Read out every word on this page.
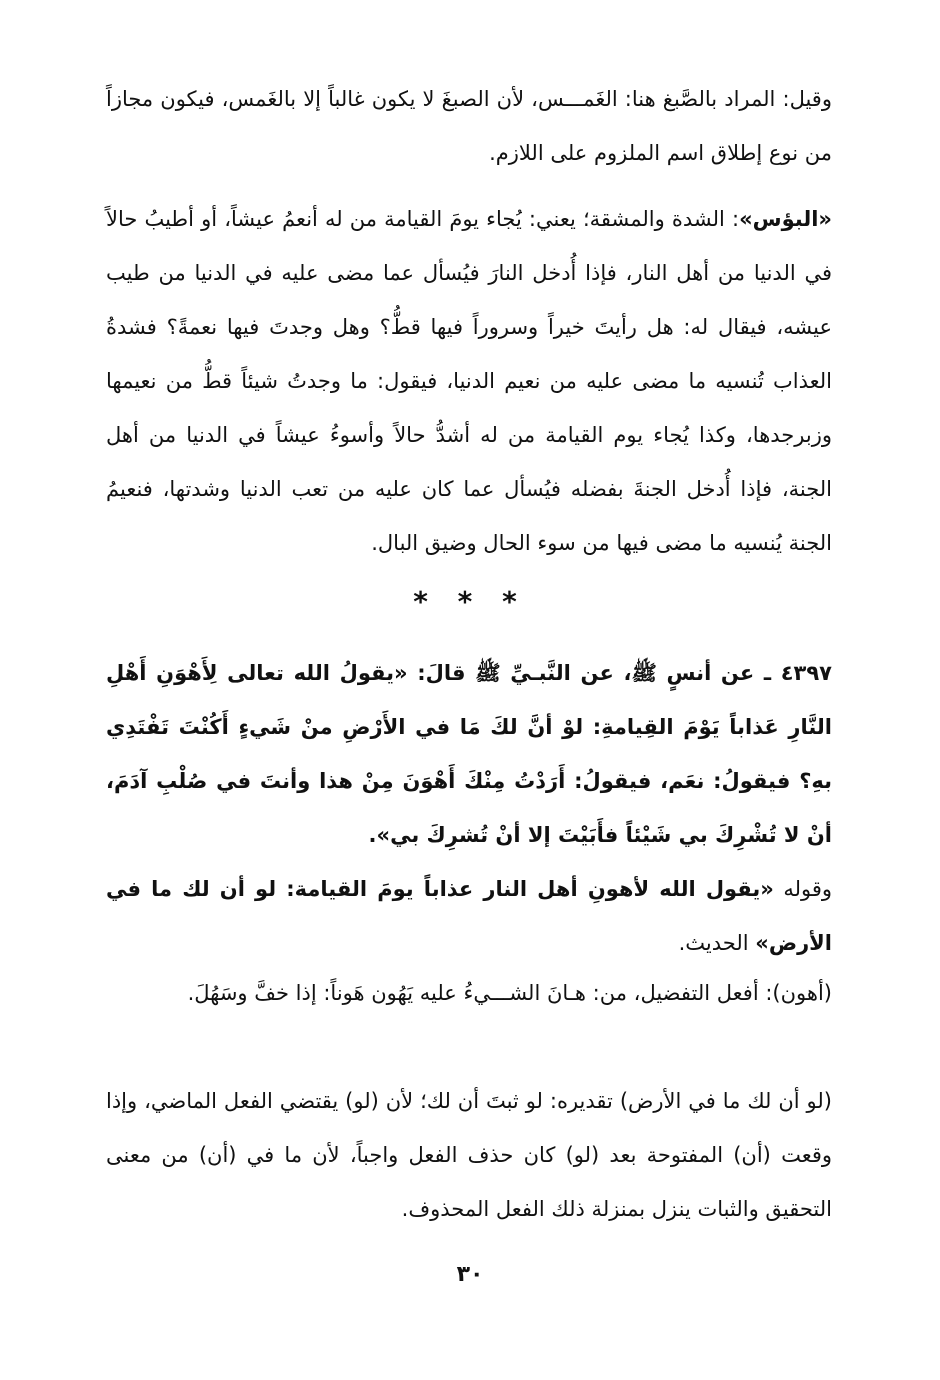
وقيل: المراد بالصَّبغ هنا: الغَمـــس، لأن الصبغَ لا يكون غالباً إلا بالغَمس، فيكون مجازاً من نوع إطلاق اسم الملزوم على اللازم.

«البؤس»: الشدة والمشقة؛ يعني: يُجاء يومَ القيامة من له أنعمُ عيشاً، أو أطيبُ حالاً في الدنيا من أهل النار، فإذا أُدخل النارَ فيُسأل عما مضى عليه في الدنيا من طيب عيشه، فيقال له: هل رأيتَ خيراً وسروراً فيها قطُّ؟ وهل وجدتَ فيها نعمةً؟ فشدةُ العذاب تُنسيه ما مضى عليه من نعيم الدنيا، فيقول: ما وجدتُ شيئاً قطُّ من نعيمها وزبرجدها، وكذا يُجاء يوم القيامة من له أشدُّ حالاً وأسوءُ عيشاً في الدنيا من أهل الجنة، فإذا أُدخل الجنةَ بفضله فيُسأل عما كان عليه من تعب الدنيا وشدتها، فنعيمُ الجنة يُنسيه ما مضى فيها من سوء الحال وضيق البال.

* * *

٤٣٩٧ ـ عن أنسٍ ﷺ، عن النَّبـيِّ ﷺ قالَ: «يقولُ الله تعالى لِأَهْوَنِ أَهْلِ النَّارِ عَذاباً يَوْمَ القِيامةِ: لوْ أنَّ لكَ مَا في الأَرْضِ منْ شَيءٍ أَكُنْتَ تَفْتَدِي بهِ؟ فيقولُ: نعَم، فيقولُ: أَرَدْتُ مِنْكَ أَهْوَنَ مِنْ هذا وأنتَ في صُلْبِ آدَمَ، أنْ لا تُشْرِكَ بي شَيْئاً فأَبَيْتَ إلا أنْ تُشرِكَ بي».

وقوله «يقول الله لأهونِ أهل النار عذاباً يومَ القيامة: لو أن لك ما في الأرض» الحديث.

(أهون): أفعل التفضيل، من: هـانَ الشـــيءُ عليه يَهُون هَوناً: إذا خفَّ وسَهُلَ.

(لو أن لك ما في الأرض) تقديره: لو ثبتَ أن لك؛ لأن (لو) يقتضي الفعل الماضي، وإذا وقعت (أن) المفتوحة بعد (لو) كان حذف الفعل واجباً، لأن ما في (أن) من معنى التحقيق والثبات ينزل بمنزلة ذلك الفعل المحذوف.

٣٠
